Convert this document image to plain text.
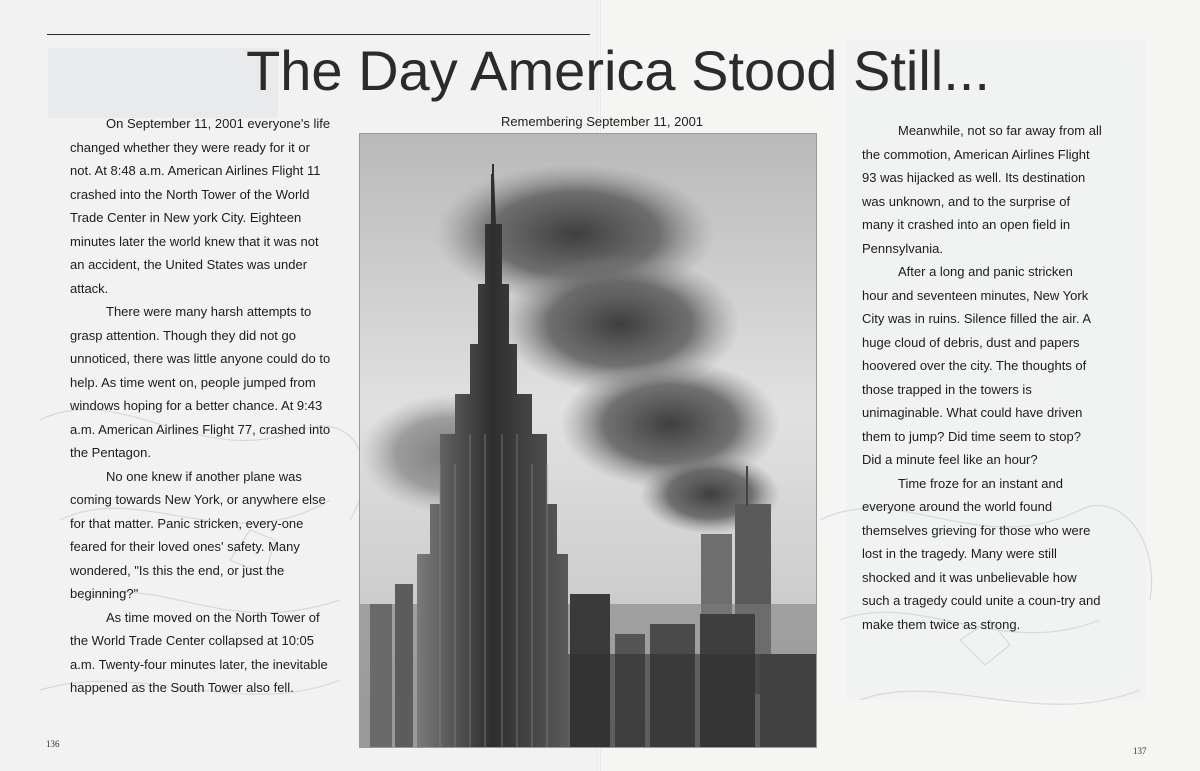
The Day America Stood Still...

On September 11, 2001 everyone's life changed whether they were ready for it or not. At 8:48 a.m. American Airlines Flight 11 crashed into the North Tower of the World Trade Center in New york City. Eighteen minutes later the world knew that it was not an accident, the United States was under attack.

There were many harsh attempts to grasp attention. Though they did not go unnoticed, there was little anyone could do to help. As time went on, people jumped from windows hoping for a better chance. At 9:43 a.m. American Airlines Flight 77, crashed into the Pentagon.

No one knew if another plane was coming towards New York, or anywhere else for that matter. Panic stricken, every-one feared for their loved ones' safety. Many wondered, "Is this the end, or just the beginning?"

As time moved on the North Tower of the World Trade Center collapsed at 10:05 a.m. Twenty-four minutes later, the inevitable happened as the South Tower also fell.

Remembering September 11, 2001

Meanwhile, not so far away from all the commotion, American Airlines Flight 93 was hijacked as well. Its destination was unknown, and to the surprise of many it crashed into an open field in Pennsylvania.

After a long and panic stricken hour and seventeen minutes, New York City was in ruins. Silence filled the air. A huge cloud of debris, dust and papers hoovered over the city. The thoughts of those trapped in the towers is unimaginable. What could have driven them to jump? Did time seem to stop? Did a minute feel like an hour?

Time froze for an instant and everyone around the world found themselves grieving for those who were lost in the tragedy. Many were still shocked and it was unbelievable how such a tragedy could unite a coun-try and make them twice as strong.

136
137
